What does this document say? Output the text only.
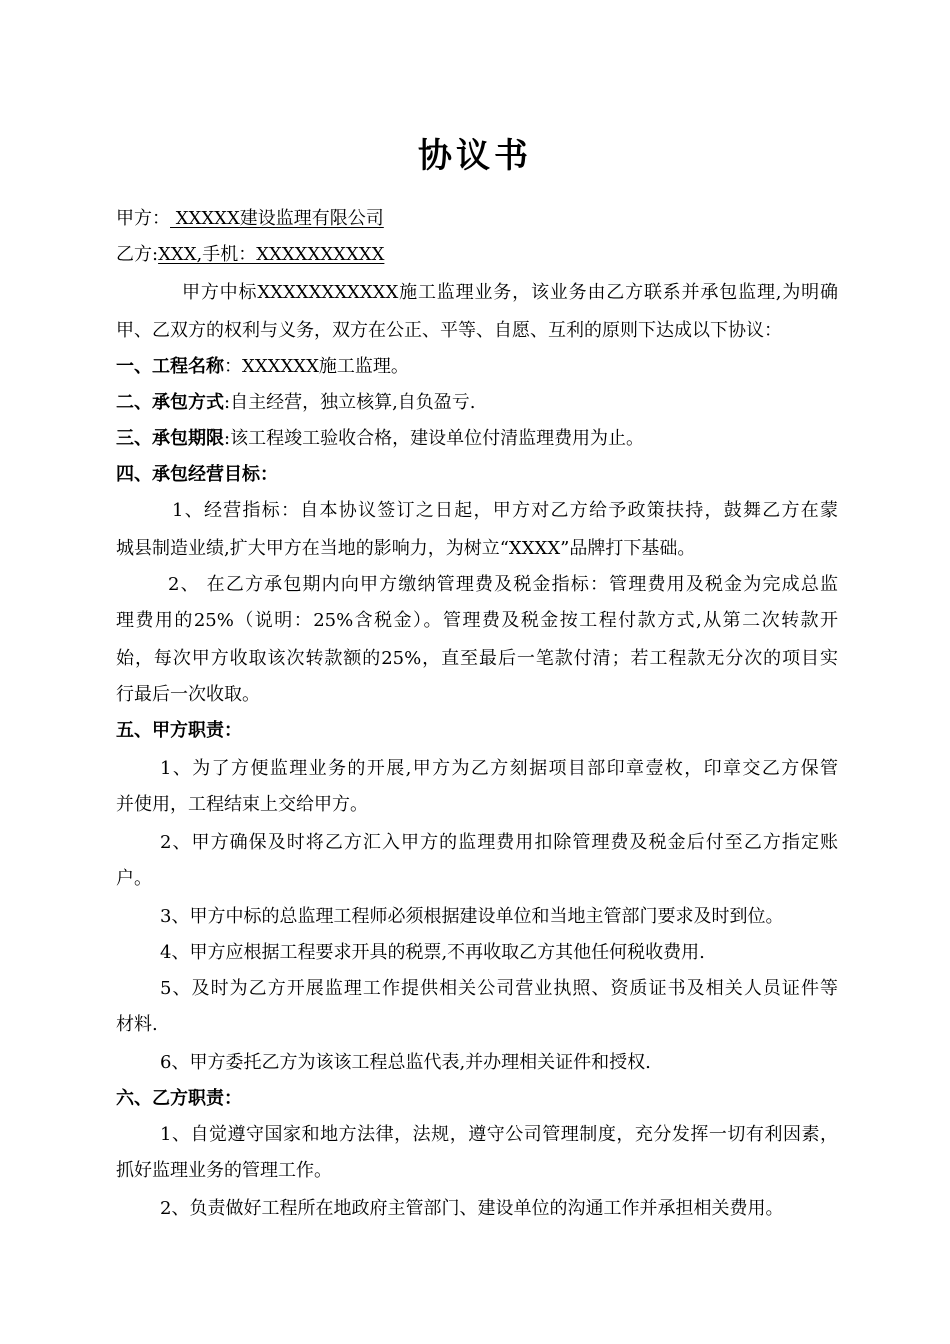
协议书

甲方： XXXXX建设监理有限公司

乙方:XXX,手机：XXXXXXXXXX

甲方中标XXXXXXXXXXX施工监理业务，该业务由乙方联系并承包监理,为明确

甲、乙双方的权利与义务，双方在公正、平等、自愿、互利的原则下达成以下协议：

一、工程名称：XXXXXX施工监理。

二、承包方式:自主经营，独立核算,自负盈亏.

三、承包期限:该工程竣工验收合格，建设单位付清监理费用为止。

四、承包经营目标：

1、经营指标：自本协议签订之日起，甲方对乙方给予政策扶持，鼓舞乙方在蒙

城县制造业绩,扩大甲方在当地的影响力，为树立“XXXX”品牌打下基础。

2、 在乙方承包期内向甲方缴纳管理费及税金指标：管理费用及税金为完成总监

理费用的25%（说明：25%含税金）。管理费及税金按工程付款方式,从第二次转款开

始，每次甲方收取该次转款额的25%，直至最后一笔款付清；若工程款无分次的项目实

行最后一次收取。

五、甲方职责：

1、为了方便监理业务的开展,甲方为乙方刻据项目部印章壹枚，印章交乙方保管

并使用，工程结束上交给甲方。

2、甲方确保及时将乙方汇入甲方的监理费用扣除管理费及税金后付至乙方指定账

户。

3、甲方中标的总监理工程师必须根据建设单位和当地主管部门要求及时到位。

4、甲方应根据工程要求开具的税票,不再收取乙方其他任何税收费用.

5、及时为乙方开展监理工作提供相关公司营业执照、资质证书及相关人员证件等

材料.

6、甲方委托乙方为该该工程总监代表,并办理相关证件和授权.

六、乙方职责：

1、自觉遵守国家和地方法律，法规，遵守公司管理制度，充分发挥一切有利因素，

抓好监理业务的管理工作。

2、负责做好工程所在地政府主管部门、建设单位的沟通工作并承担相关费用。
